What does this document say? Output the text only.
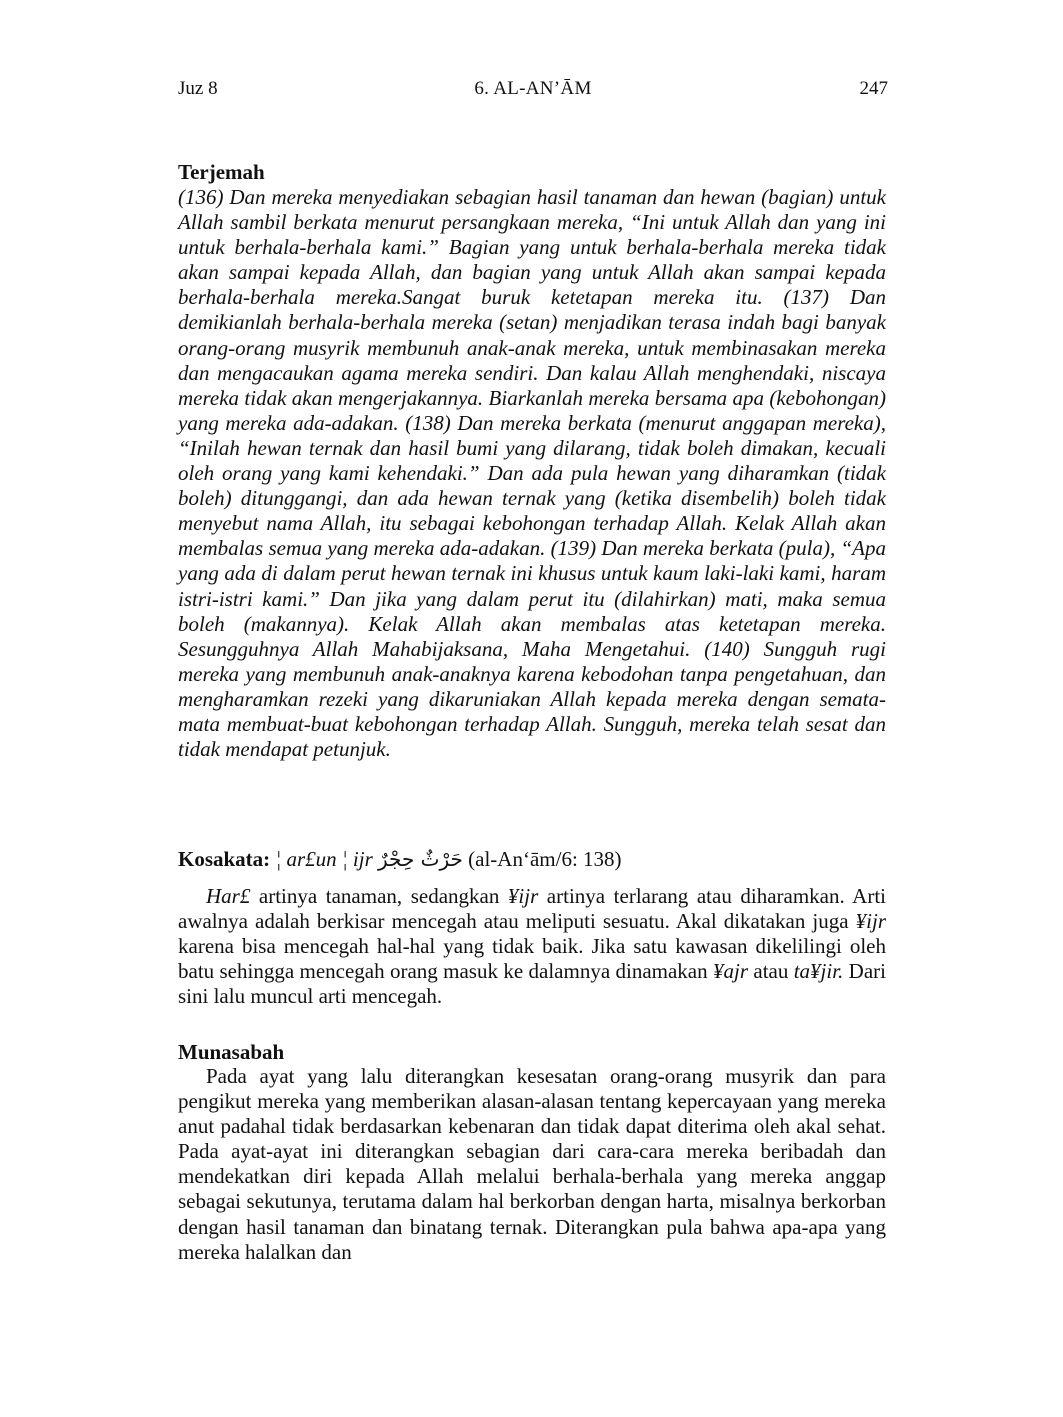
Juz 8	6. AL-AN’ĀM	247
Terjemah
(136) Dan mereka menyediakan sebagian hasil tanaman dan hewan (bagian) untuk Allah sambil berkata menurut persangkaan mereka, “Ini untuk Allah dan yang ini untuk berhala-berhala kami.” Bagian yang untuk berhala-berhala mereka tidak akan sampai kepada Allah, dan bagian yang untuk Allah akan sampai kepada berhala-berhala mereka.Sangat buruk ketetapan mereka itu. (137) Dan demikianlah berhala-berhala mereka (setan) menjadikan terasa indah bagi banyak orang-orang musyrik membunuh anak-anak mereka, untuk membinasakan mereka dan mengacaukan agama mereka sendiri. Dan kalau Allah menghendaki, niscaya mereka tidak akan mengerjakannya. Biarkanlah mereka bersama apa (kebohongan) yang mereka ada-adakan. (138) Dan mereka berkata (menurut anggapan mereka), “Inilah hewan ternak dan hasil bumi yang dilarang, tidak boleh dimakan, kecuali oleh orang yang kami kehendaki.” Dan ada pula hewan yang diharamkan (tidak boleh) ditunggangi, dan ada hewan ternak yang (ketika disembelih) boleh tidak menyebut nama Allah, itu sebagai kebohongan terhadap Allah. Kelak Allah akan membalas semua yang mereka ada-adakan. (139) Dan mereka berkata (pula), “Apa yang ada di dalam perut hewan ternak ini khusus untuk kaum laki-laki kami, haram istri-istri kami.” Dan jika yang dalam perut itu (dilahirkan) mati, maka semua boleh (makannya). Kelak Allah akan membalas atas ketetapan mereka. Sesungguhnya Allah Mahabijaksana, Maha Mengetahui. (140) Sungguh rugi mereka yang membunuh anak-anaknya karena kebodohan tanpa pengetahuan, dan mengharamkan rezeki yang dikaruniakan Allah kepada mereka dengan semata-mata membuat-buat kebohongan terhadap Allah. Sungguh, mereka telah sesat dan tidak mendapat petunjuk.
Kosakata: ¦ ar£un ¦ ijr حَرْثٌ حِجْرٌ (al-An‘ām/6: 138)
Har£ artinya tanaman, sedangkan ¥ijr artinya terlarang atau diharamkan. Arti awalnya adalah berkisar mencegah atau meliputi sesuatu. Akal dikatakan juga ¥ijr karena bisa mencegah hal-hal yang tidak baik. Jika satu kawasan dikelilingi oleh batu sehingga mencegah orang masuk ke dalamnya dinamakan ¥ajr atau ta¥jir. Dari sini lalu muncul arti mencegah.
Munasabah
Pada ayat yang lalu diterangkan kesesatan orang-orang musyrik dan para pengikut mereka yang memberikan alasan-alasan tentang kepercayaan yang mereka anut padahal tidak berdasarkan kebenaran dan tidak dapat diterima oleh akal sehat. Pada ayat-ayat ini diterangkan sebagian dari cara-cara mereka beribadah dan mendekatkan diri kepada Allah melalui berhala-berhala yang mereka anggap sebagai sekutunya, terutama dalam hal berkorban dengan harta, misalnya berkorban dengan hasil tanaman dan binatang ternak. Diterangkan pula bahwa apa-apa yang mereka halalkan dan
